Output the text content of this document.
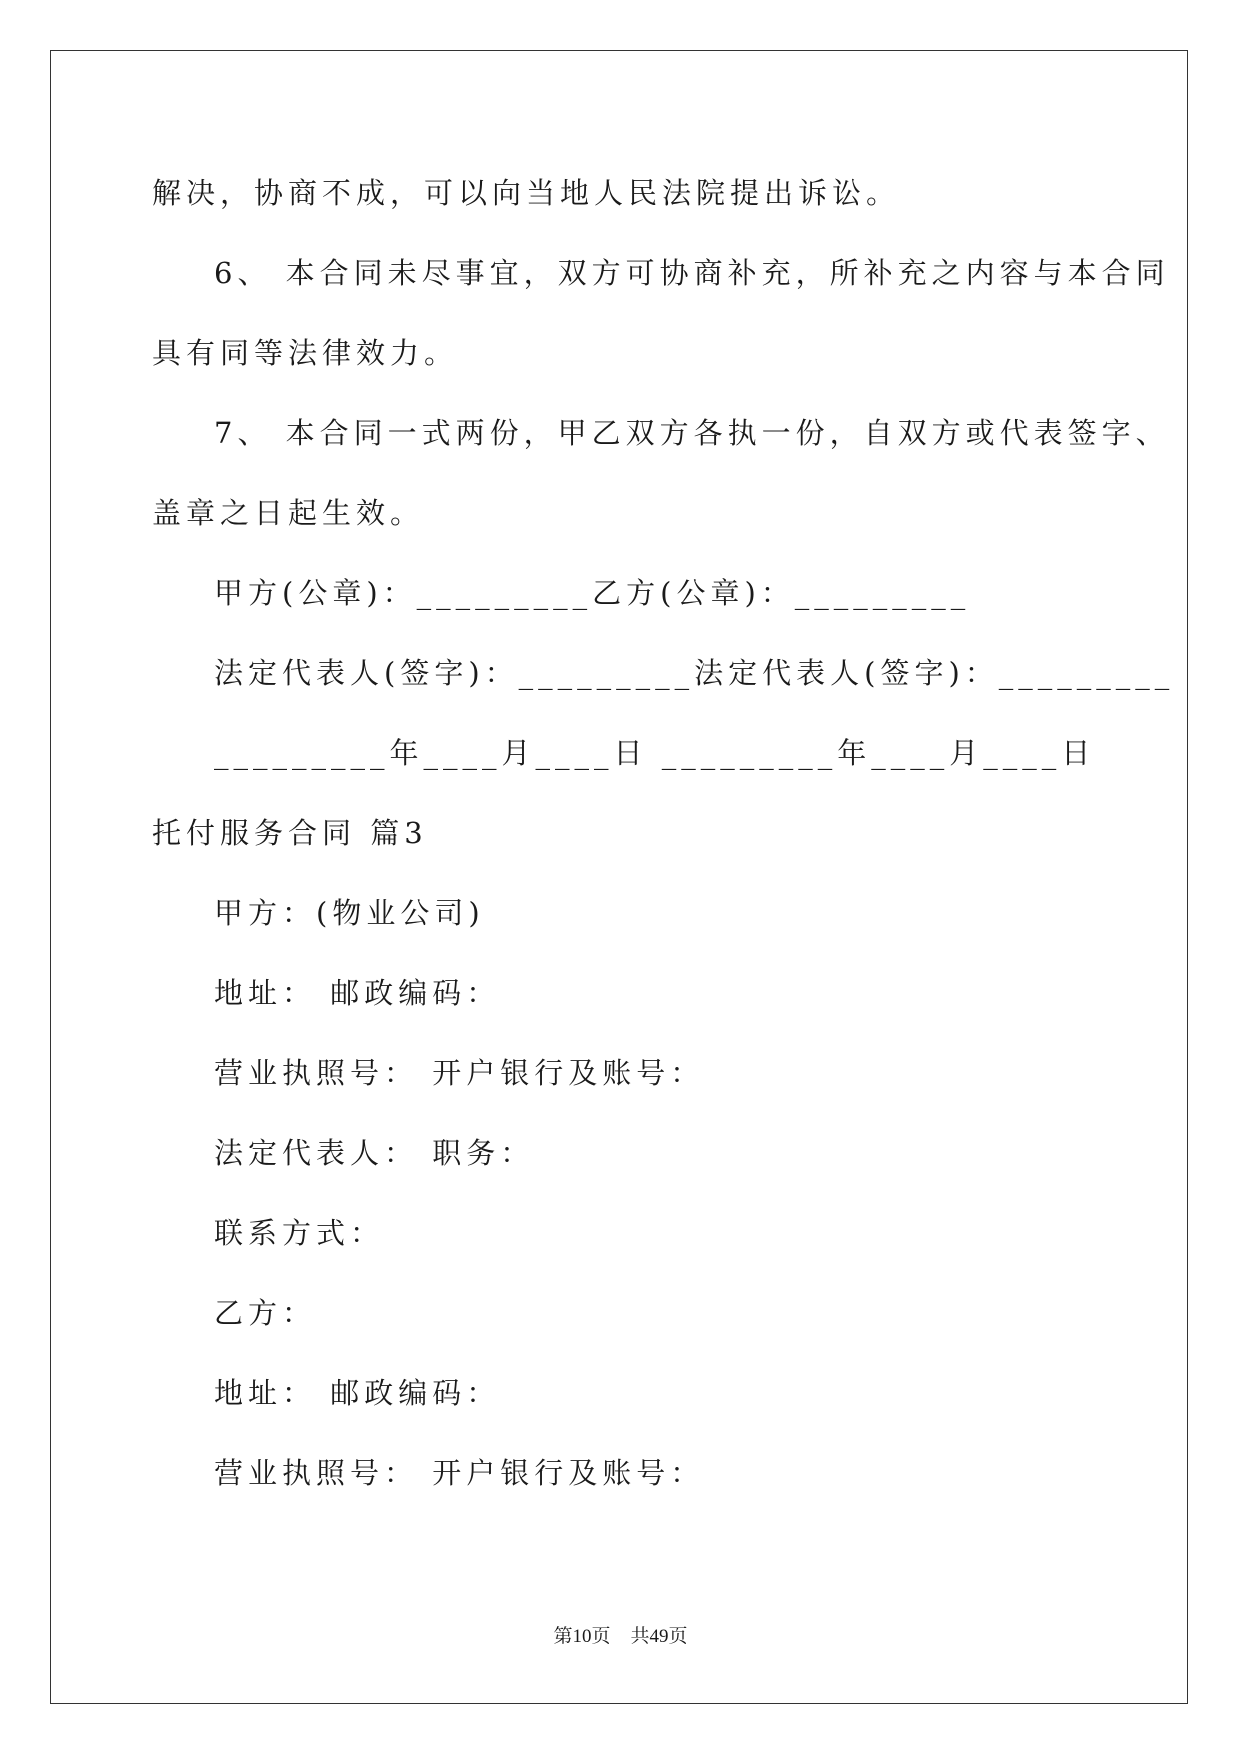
解决，协商不成，可以向当地人民法院提出诉讼。
6、 本合同未尽事宜，双方可协商补充，所补充之内容与本合同
具有同等法律效力。
7、 本合同一式两份，甲乙双方各执一份，自双方或代表签字、
盖章之日起生效。
甲方(公章)：_________乙方(公章)：_________
法定代表人(签字)：_________法定代表人(签字)：_________
_________年____月____日 _________年____月____日
托付服务合同 篇3
甲方：(物业公司)
地址： 邮政编码：
营业执照号： 开户银行及账号：
法定代表人： 职务：
联系方式：
乙方：
地址： 邮政编码：
营业执照号： 开户银行及账号：
第10页 共49页
